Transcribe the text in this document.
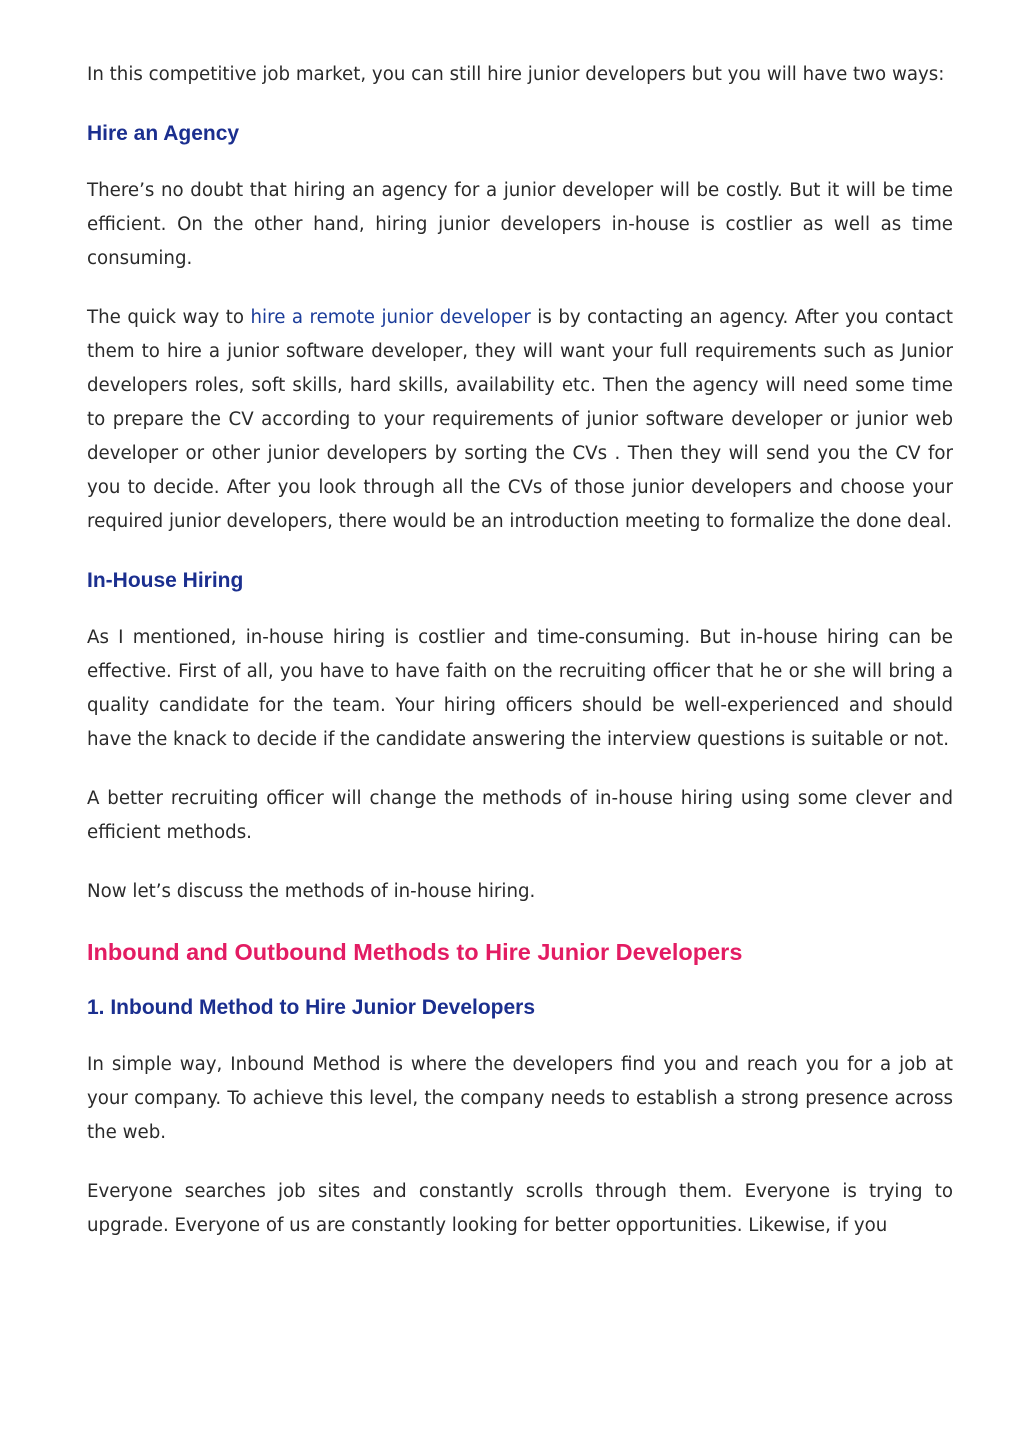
In this competitive job market, you can still hire junior developers but you will have two ways:

Hire an Agency

There’s no doubt that hiring an agency for a junior developer will be costly. But it will be time efficient. On the other hand, hiring junior developers in-house is costlier as well as time consuming.

The quick way to hire a remote junior developer is by contacting an agency. After you contact them to hire a junior software developer, they will want your full requirements such as Junior developers roles, soft skills, hard skills, availability etc. Then the agency will need some time to prepare the CV according to your requirements of junior software developer or junior web developer or other junior developers by sorting the CVs . Then they will send you the CV for you to decide. After you look through all the CVs of those junior developers and choose your required junior developers, there would be an introduction meeting to formalize the done deal.

In-House Hiring

As I mentioned, in-house hiring is costlier and time-consuming. But in-house hiring can be effective. First of all, you have to have faith on the recruiting officer that he or she will bring a quality candidate for the team. Your hiring officers should be well-experienced and should have the knack to decide if the candidate answering the interview questions is suitable or not.

A better recruiting officer will change the methods of in-house hiring using some clever and efficient methods.

Now let’s discuss the methods of in-house hiring.

Inbound and Outbound Methods to Hire Junior Developers
1. Inbound Method to Hire Junior Developers

In simple way, Inbound Method is where the developers find you and reach you for a job at your company. To achieve this level, the company needs to establish a strong presence across the web.

Everyone searches job sites and constantly scrolls through them. Everyone is trying to upgrade. Everyone of us are constantly looking for better opportunities. Likewise, if you
